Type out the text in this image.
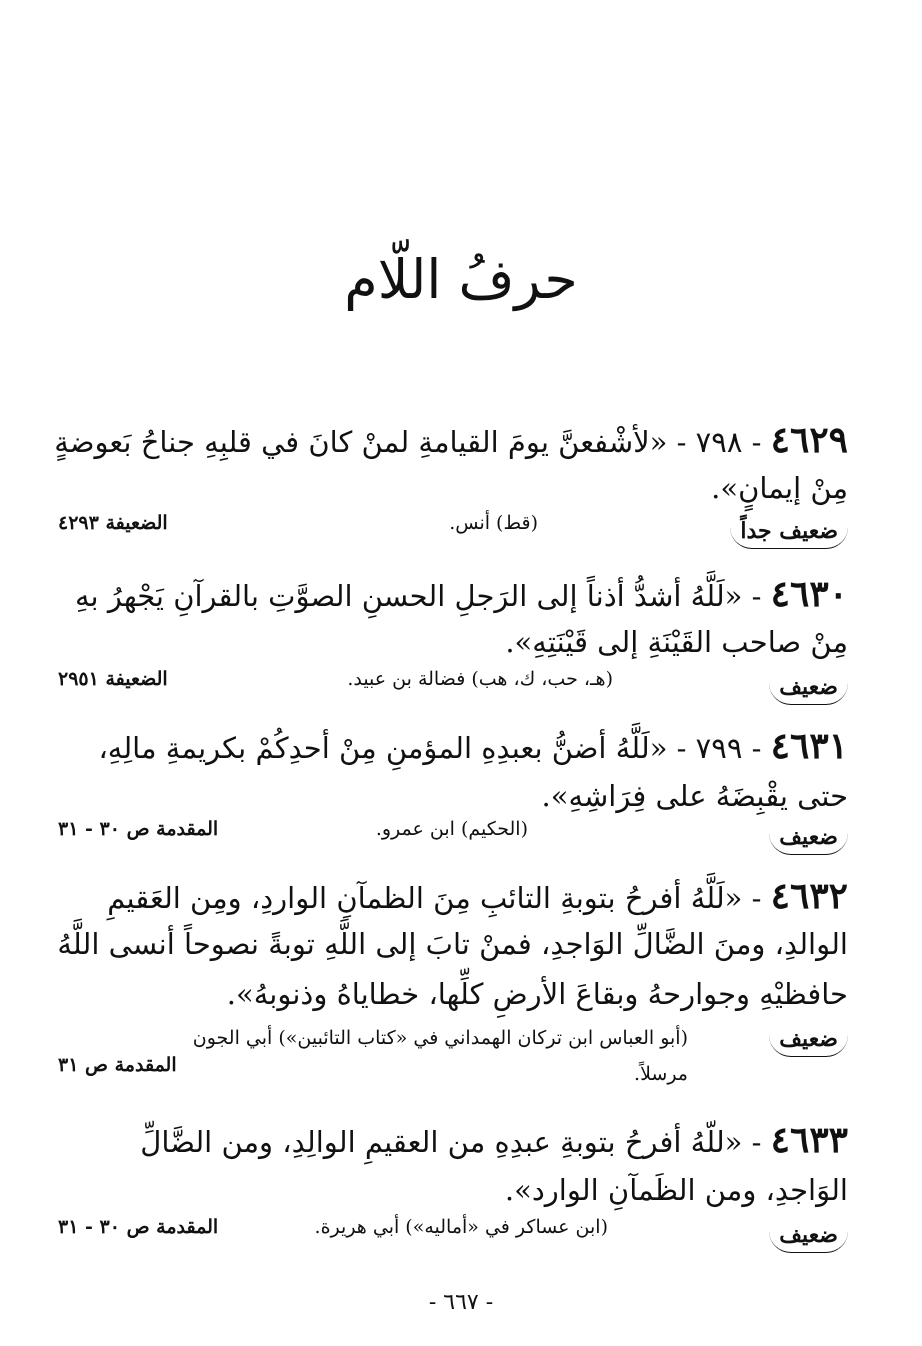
حرفُ اللّام
٤٦٢٩ - ٧٩٨ - «لأشْفعنَّ يومَ القيامةِ لمنْ كانَ في قلبِهِ جناحُ بَعوضةٍ
مِنْ إيمانٍ».
ضعيف جداً
(قط) أنس.
الضعيفة ٤٢٩٣
٤٦٣٠ - «لَلَّهُ أشدُّ أذناً إلى الرَجلِ الحسنِ الصوَّتِ بالقرآنِ يَجْهرُ بهِ
مِنْ صاحب القَيْنَةِ إلى قَيْنَتِهِ».
ضعيف
(هـ، حب، ك، هب) فضالة بن عبيد.
الضعيفة ٢٩٥١
٤٦٣١ - ٧٩٩ - «لَلَّهُ أضنُّ بعبدِهِ المؤمنِ مِنْ أحدِكُمْ بكريمةِ مالِهِ،
حتى يقْبِضَهُ على فِرَاشِهِ».
ضعيف
(الحكيم) ابن عمرو.
المقدمة ص ٣٠ - ٣١
٤٦٣٢ - «لَلَّهُ أفرحُ بتوبةِ التائبِ مِنَ الظمآنِ الواردِ، ومِن العَقيمِ
الوالدِ، ومنَ الضَّالِّ الوَاجدِ، فمنْ تابَ إلى اللَّهِ توبةً نصوحاً أنسى اللَّهُ
حافظيْهِ وجوارحهُ وبقاعَ الأرضِ كلِّها، خطاياهُ وذنوبهُ».
ضعيف
(أبو العباس ابن تركان الهمداني في «كتاب التائبين») أبي الجون مرسلاً.
المقدمة ص ٣١
٤٦٣٣ - «للّهُ أفرحُ بتوبةِ عبدِهِ من العقيمِ الوالِدِ، ومن الضَّالِّ
الوَاجدِ، ومن الظَمآنِ الوارد».
ضعيف
(ابن عساكر في «أماليه») أبي هريرة.
المقدمة ص ٣٠ - ٣١
- ٦٦٧ -
